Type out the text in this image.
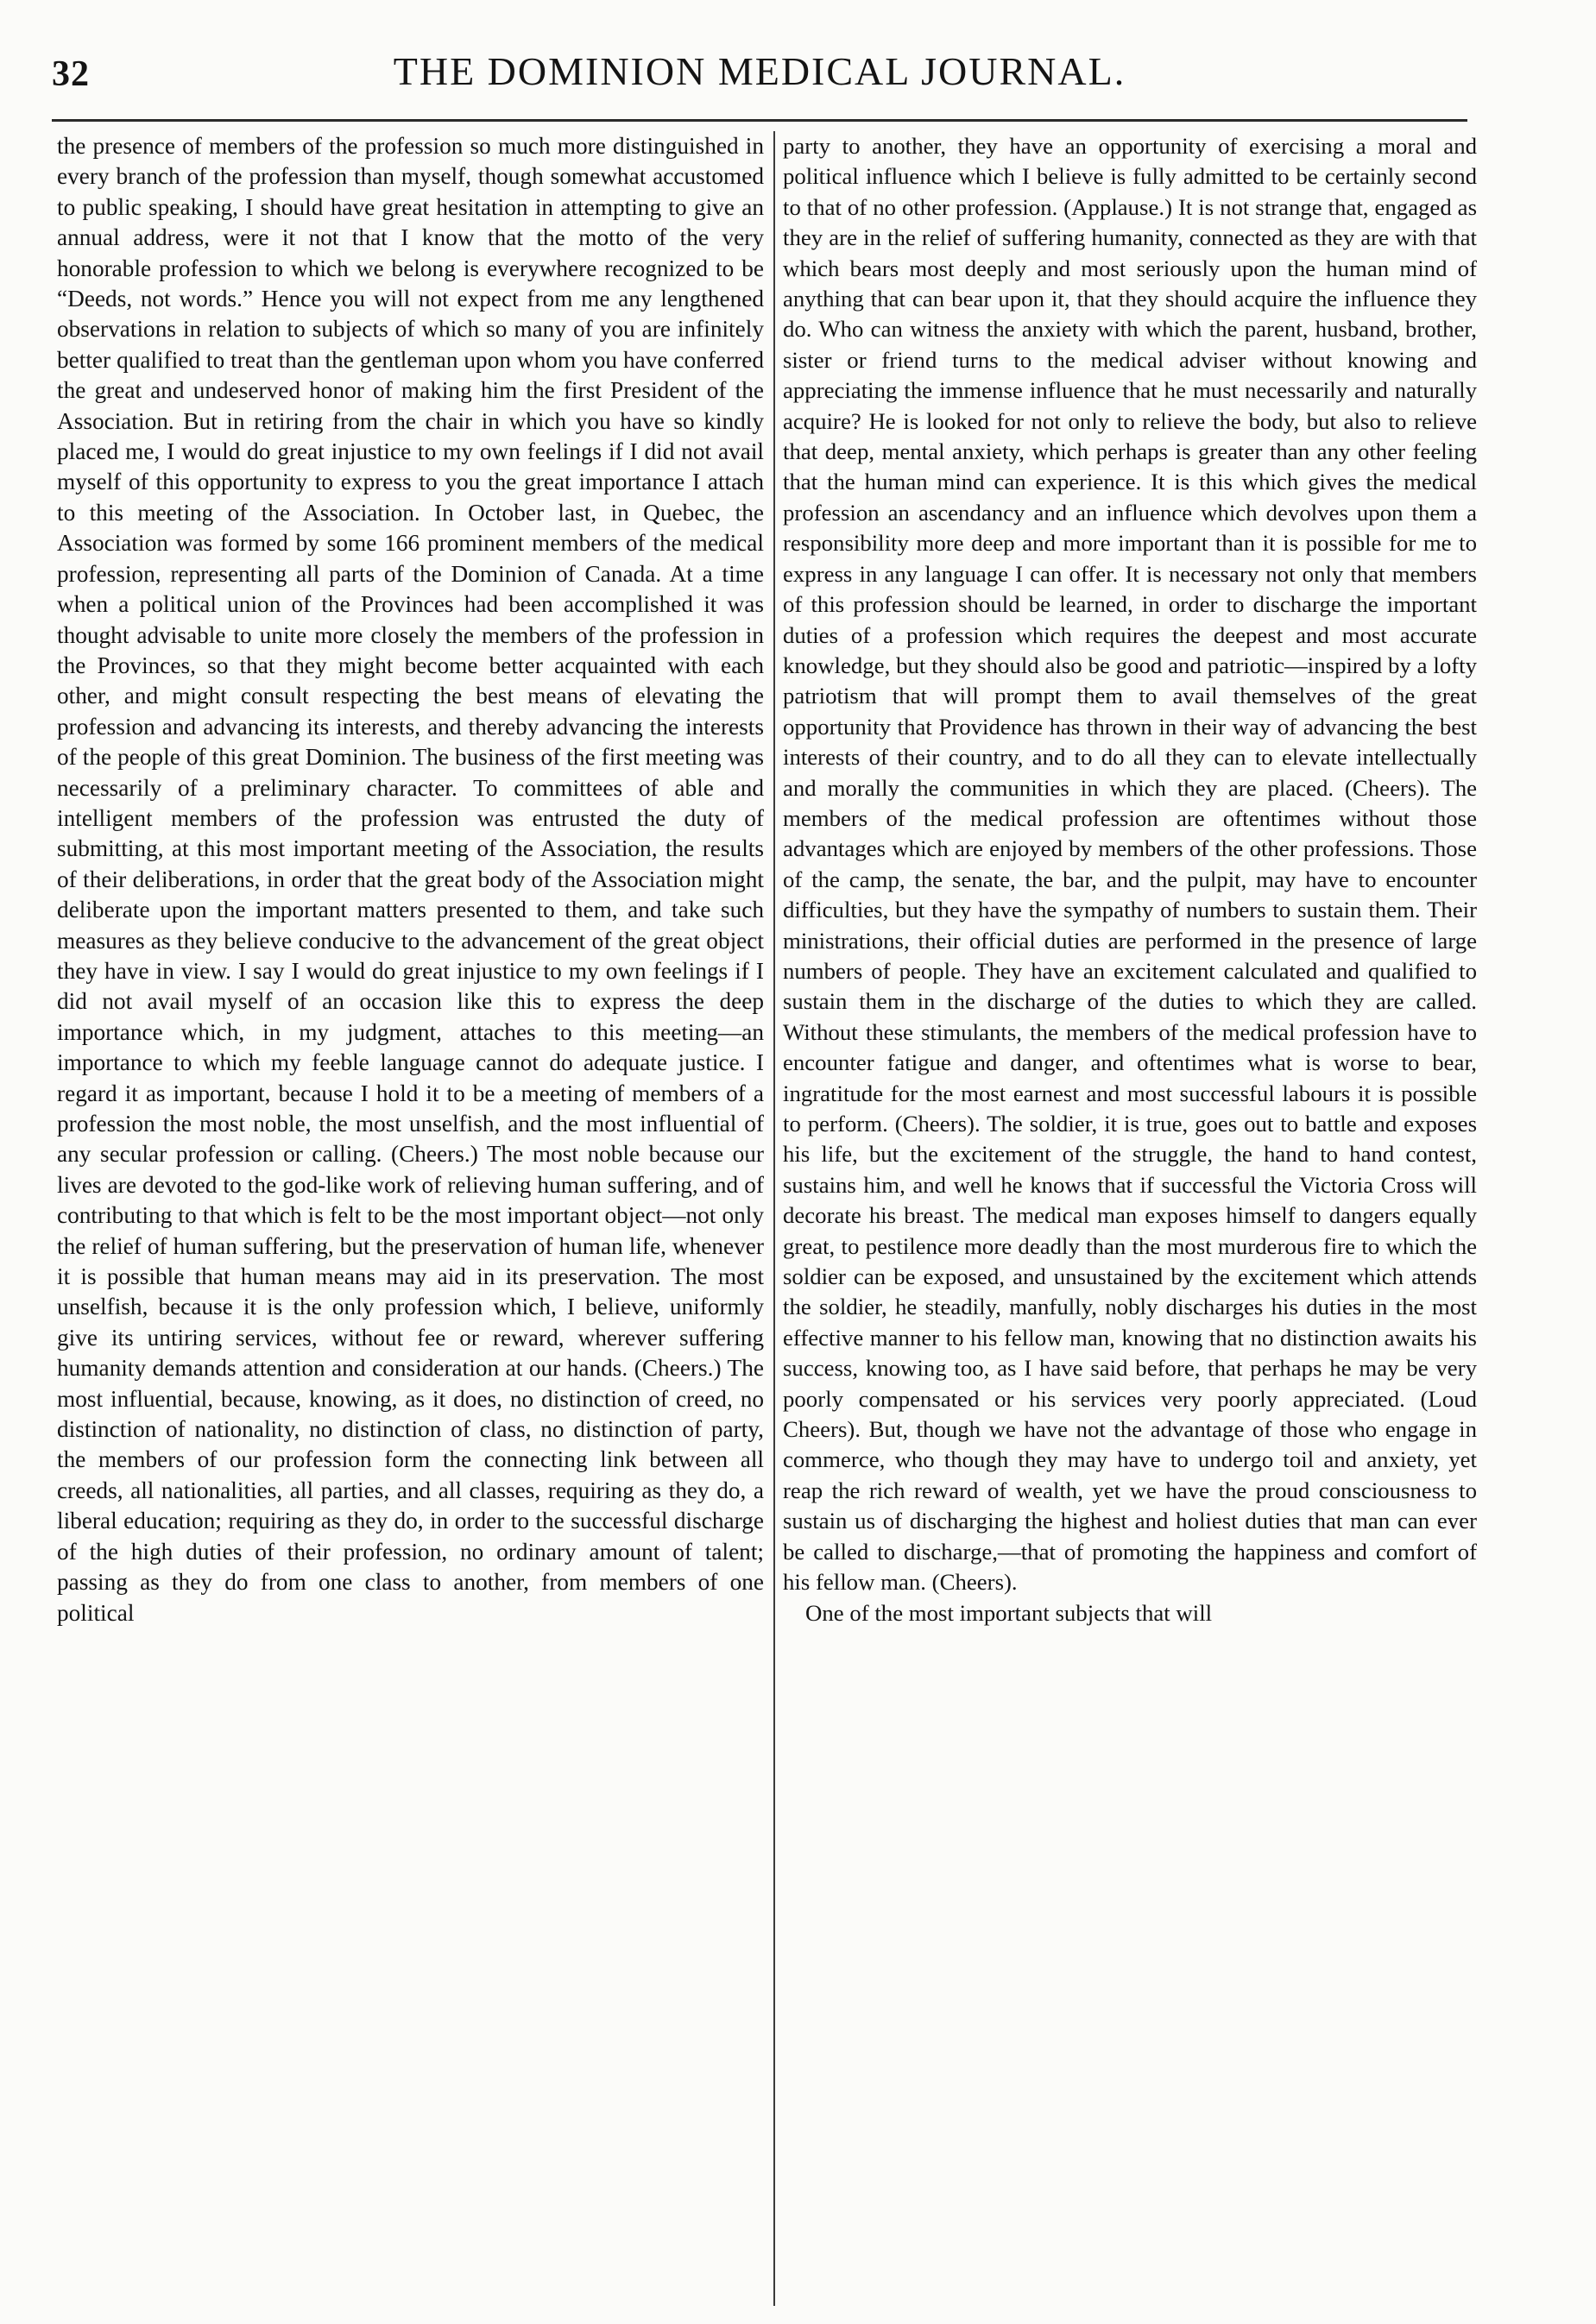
32	THE DOMINION MEDICAL JOURNAL.

the presence of members of the profession so much more distinguished in every branch of the profession than myself, though somewhat accustomed to public speaking, I should have great hesitation in attempting to give an annual address, were it not that I know that the motto of the very honorable profession to which we belong is everywhere recognized to be “Deeds, not words.” Hence you will not expect from me any lengthened observations in relation to subjects of which so many of you are infinitely better qualified to treat than the gentleman upon whom you have conferred the great and undeserved honor of making him the first President of the Association. But in retiring from the chair in which you have so kindly placed me, I would do great injustice to my own feelings if I did not avail myself of this opportunity to express to you the great importance I attach to this meeting of the Association. In October last, in Quebec, the Association was formed by some 166 prominent members of the medical profession, representing all parts of the Dominion of Canada. At a time when a political union of the Provinces had been accomplished it was thought advisable to unite more closely the members of the profession in the Provinces, so that they might become better acquainted with each other, and might consult respecting the best means of elevating the profession and advancing its interests, and thereby advancing the interests of the people of this great Dominion. The business of the first meeting was necessarily of a preliminary character. To committees of able and intelligent members of the profession was entrusted the duty of submitting, at this most important meeting of the Association, the results of their deliberations, in order that the great body of the Association might deliberate upon the important matters presented to them, and take such measures as they believe conducive to the advancement of the great object they have in view. I say I would do great injustice to my own feelings if I did not avail myself of an occasion like this to express the deep importance which, in my judgment, attaches to this meeting—an importance to which my feeble language cannot do adequate justice. I regard it as important, because I hold it to be a meeting of members of a profession the most noble, the most unselfish, and the most influential of any secular profession or calling. (Cheers.) The most noble because our lives are devoted to the god-like work of relieving human suffering, and of contributing to that which is felt to be the most important object—not only the relief of human suffering, but the preservation of human life, whenever it is possible that human means may aid in its preservation. The most unselfish, because it is the only profession which, I believe, uniformly give its untiring services, without fee or reward, wherever suffering humanity demands attention and consideration at our hands. (Cheers.) The most influential, because, knowing, as it does, no distinction of creed, no distinction of nationality, no distinction of class, no distinction of party, the members of our profession form the connecting link between all creeds, all nationalities, all parties, and all classes, requiring as they do, a liberal education; requiring as they do, in order to the successful discharge of the high duties of their profession, no ordinary amount of talent; passing as they do from one class to another, from members of one political

party to another, they have an opportunity of exercising a moral and political influence which I believe is fully admitted to be certainly second to that of no other profession. (Applause.) It is not strange that, engaged as they are in the relief of suffering humanity, connected as they are with that which bears most deeply and most seriously upon the human mind of anything that can bear upon it, that they should acquire the influence they do. Who can witness the anxiety with which the parent, husband, brother, sister or friend turns to the medical adviser without knowing and appreciating the immense influence that he must necessarily and naturally acquire? He is looked for not only to relieve the body, but also to relieve that deep, mental anxiety, which perhaps is greater than any other feeling that the human mind can experience. It is this which gives the medical profession an ascendancy and an influence which devolves upon them a responsibility more deep and more important than it is possible for me to express in any language I can offer. It is necessary not only that members of this profession should be learned, in order to discharge the important duties of a profession which requires the deepest and most accurate knowledge, but they should also be good and patriotic—inspired by a lofty patriotism that will prompt them to avail themselves of the great opportunity that Providence has thrown in their way of advancing the best interests of their country, and to do all they can to elevate intellectually and morally the communities in which they are placed. (Cheers). The members of the medical profession are oftentimes without those advantages which are enjoyed by members of the other professions. Those of the camp, the senate, the bar, and the pulpit, may have to encounter difficulties, but they have the sympathy of numbers to sustain them. Their ministrations, their official duties are performed in the presence of large numbers of people. They have an excitement calculated and qualified to sustain them in the discharge of the duties to which they are called. Without these stimulants, the members of the medical profession have to encounter fatigue and danger, and oftentimes what is worse to bear, ingratitude for the most earnest and most successful labours it is possible to perform. (Cheers). The soldier, it is true, goes out to battle and exposes his life, but the excitement of the struggle, the hand to hand contest, sustains him, and well he knows that if successful the Victoria Cross will decorate his breast. The medical man exposes himself to dangers equally great, to pestilence more deadly than the most murderous fire to which the soldier can be exposed, and unsustained by the excitement which attends the soldier, he steadily, manfully, nobly discharges his duties in the most effective manner to his fellow man, knowing that no distinction awaits his success, knowing too, as I have said before, that perhaps he may be very poorly compensated or his services very poorly appreciated. (Loud Cheers). But, though we have not the advantage of those who engage in commerce, who though they may have to undergo toil and anxiety, yet reap the rich reward of wealth, yet we have the proud consciousness to sustain us of discharging the highest and holiest duties that man can ever be called to discharge,—that of promoting the happiness and comfort of his fellow man. (Cheers).

One of the most important subjects that will
